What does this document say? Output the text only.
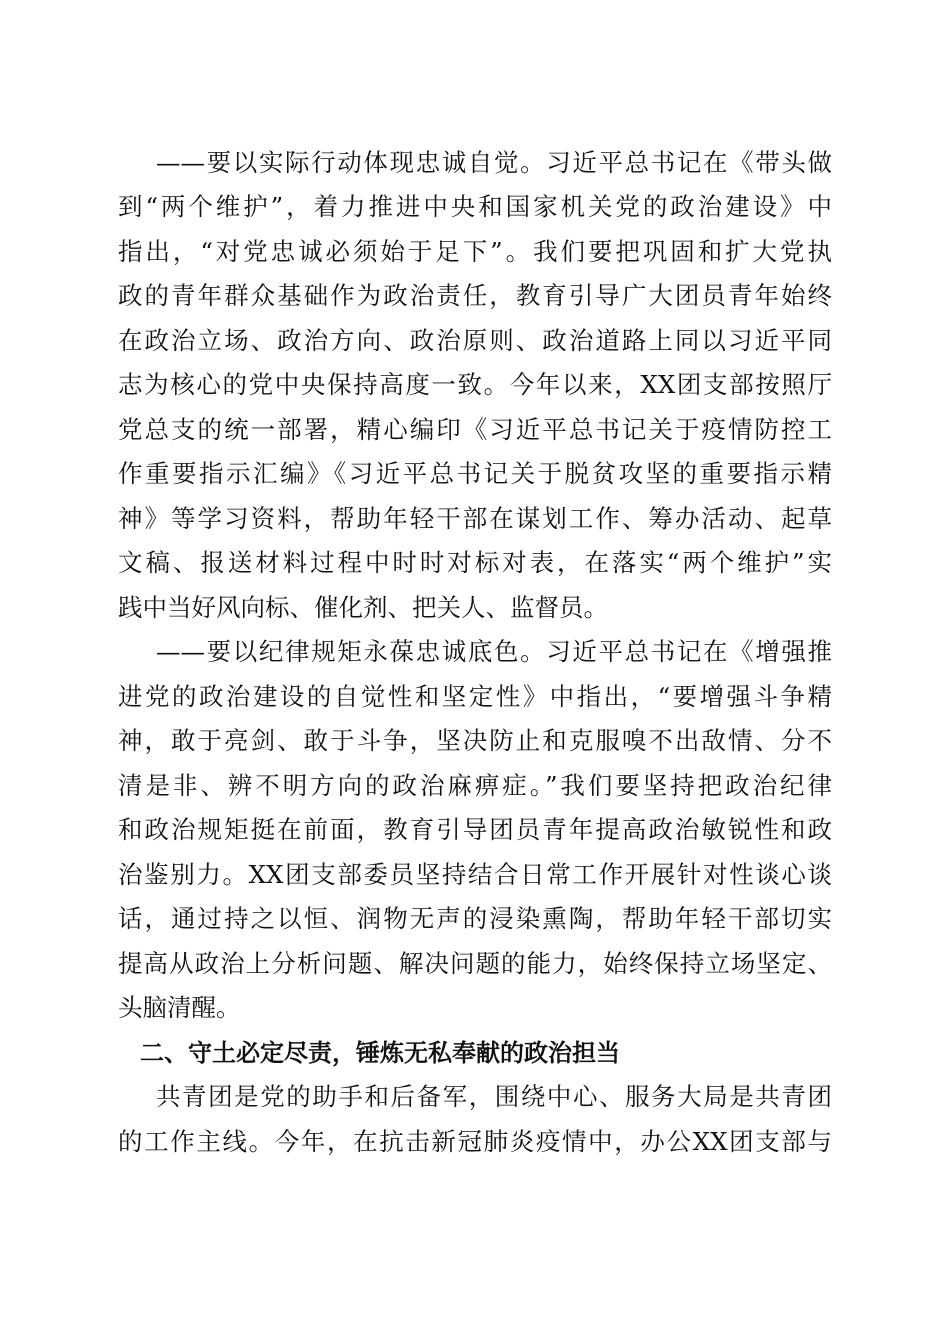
——要以实际行动体现忠诚自觉。习近平总书记在《带头做
到“两个维护”，着力推进中央和国家机关党的政治建设》中
指出，“对党忠诚必须始于足下”。我们要把巩固和扩大党执
政的青年群众基础作为政治责任，教育引导广大团员青年始终
在政治立场、政治方向、政治原则、政治道路上同以习近平同
志为核心的党中央保持高度一致。今年以来，XX团支部按照厅
党总支的统一部署，精心编印《习近平总书记关于疫情防控工
作重要指示汇编》《习近平总书记关于脱贫攻坚的重要指示精
神》等学习资料，帮助年轻干部在谋划工作、筹办活动、起草
文稿、报送材料过程中时时对标对表，在落实“两个维护”实
践中当好风向标、催化剂、把关人、监督员。
——要以纪律规矩永葆忠诚底色。习近平总书记在《增强推
进党的政治建设的自觉性和坚定性》中指出，“要增强斗争精
神，敢于亮剑、敢于斗争，坚决防止和克服嗅不出敌情、分不
清是非、辨不明方向的政治麻痹症。”我们要坚持把政治纪律
和政治规矩挺在前面，教育引导团员青年提高政治敏锐性和政
治鉴别力。XX团支部委员坚持结合日常工作开展针对性谈心谈
话，通过持之以恒、润物无声的浸染熏陶，帮助年轻干部切实
提高从政治上分析问题、解决问题的能力，始终保持立场坚定、
头脑清醒。
二、守土必定尽责，锤炼无私奉献的政治担当
共青团是党的助手和后备军，围绕中心、服务大局是共青团
的工作主线。今年，在抗击新冠肺炎疫情中，办公XX团支部与
